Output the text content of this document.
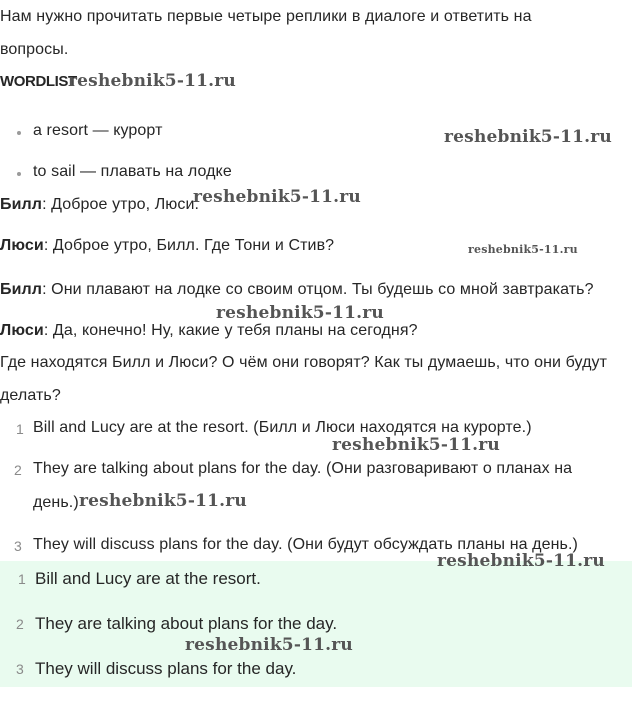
Нам нужно прочитать первые четыре реплики в диалоге и ответить на
вопросы.
WORDLIST
a resort — курорт
to sail — плавать на лодке
Билл: Доброе утро, Люси.
Люси: Доброе утро, Билл. Где Тони и Стив?
Билл: Они плавают на лодке со своим отцом. Ты будешь со мной завтракать?
Люси: Да, конечно! Ну, какие у тебя планы на сегодня?
Где находятся Билл и Люси? О чём они говорят? Как ты думаешь, что они будут
делать?
1 Bill and Lucy are at the resort. (Билл и Люси находятся на курорте.)
2 They are talking about plans for the day. (Они разговаривают о планах на
день.)
3 They will discuss plans for the day. (Они будут обсуждать планы на день.)
1 Bill and Lucy are at the resort.
2 They are talking about plans for the day.
3 They will discuss plans for the day.
reshebnik5-11.ru
reshebnik5-11.ru
reshebnik5-11.ru
reshebnik5-11.ru
reshebnik5-11.ru
reshebnik5-11.ru
reshebnik5-11.ru
reshebnik5-11.ru
reshebnik5-11.ru
